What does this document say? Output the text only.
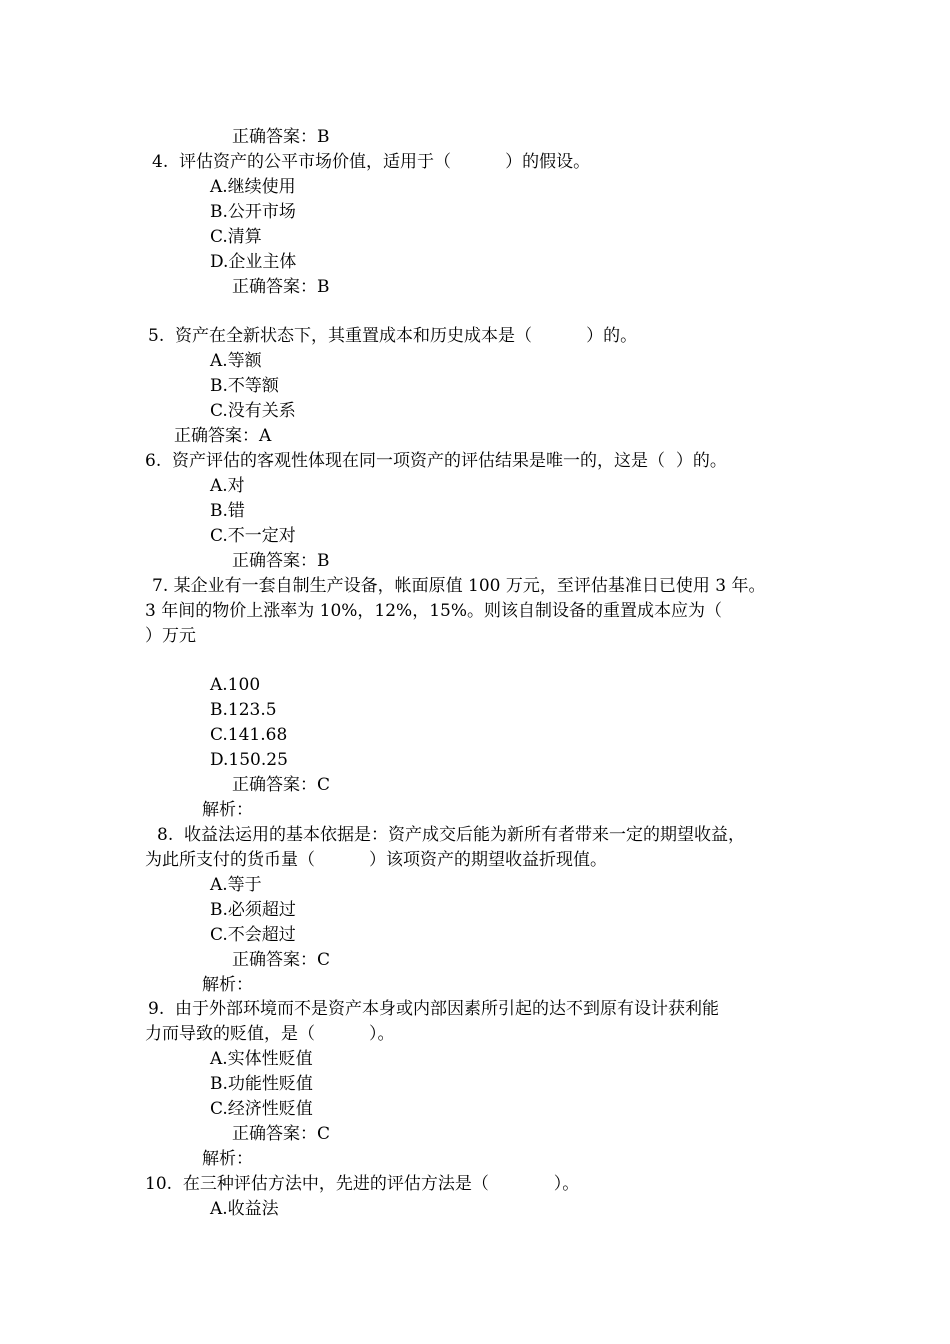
正确答案：B
4.  评估资产的公平市场价值，适用于（          ）的假设。
A.继续使用
B.公开市场
C.清算
D.企业主体
正确答案：B
5.  资产在全新状态下，其重置成本和历史成本是（          ）的。
A.等额
B.不等额
C.没有关系
正确答案：A
6.  资产评估的客观性体现在同一项资产的评估结果是唯一的，这是（  ）的。
A.对
B.错
C.不一定对
正确答案：B
7. 某企业有一套自制生产设备，帐面原值 100 万元，至评估基准日已使用 3 年。
3 年间的物价上涨率为 10%，12%，15%。则该自制设备的重置成本应为（
）万元
A.100
B.123.5
C.141.68
D.150.25
正确答案：C
解析：
8.  收益法运用的基本依据是：资产成交后能为新所有者带来一定的期望收益，
为此所支付的货币量（          ）该项资产的期望收益折现值。
A.等于
B.必须超过
C.不会超过
正确答案：C
解析：
9.  由于外部环境而不是资产本身或内部因素所引起的达不到原有设计获利能
力而导致的贬值，是（          ）。
A.实体性贬值
B.功能性贬值
C.经济性贬值
正确答案：C
解析：
10.  在三种评估方法中，先进的评估方法是（            ）。
A.收益法
